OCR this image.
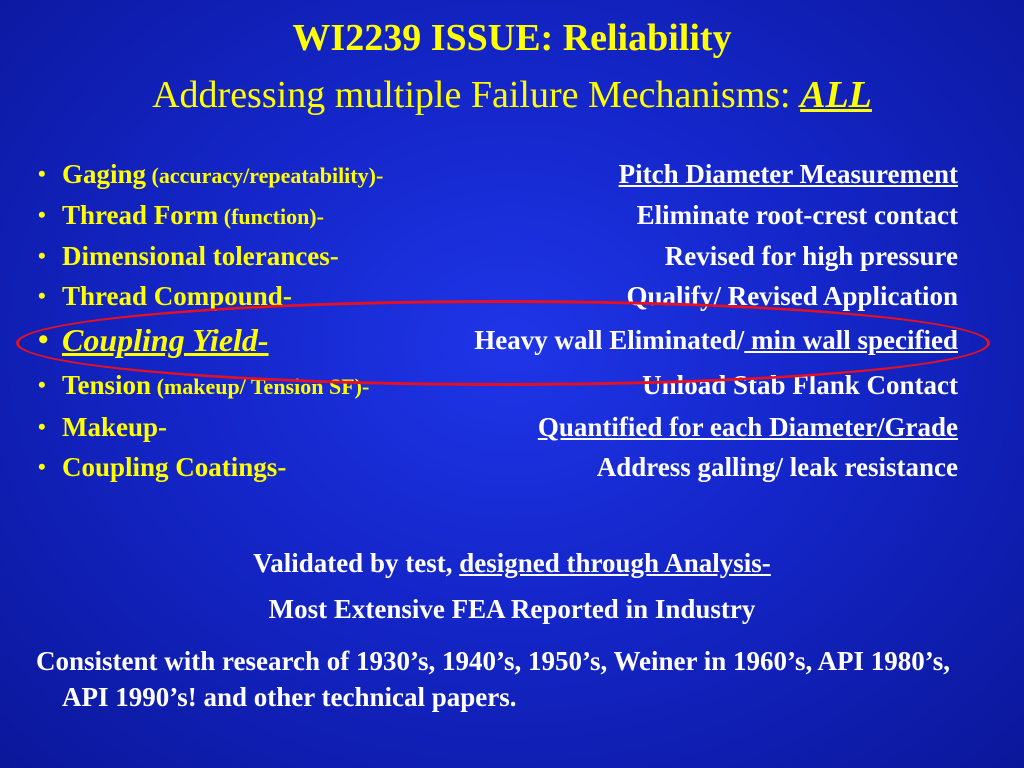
WI2239 ISSUE: Reliability
Addressing multiple Failure Mechanisms: ALL
• Gaging (accuracy/repeatability)-	Pitch Diameter Measurement
• Thread Form (function)-	Eliminate root-crest contact
• Dimensional tolerances-	Revised for high pressure
• Thread Compound-	Qualify/ Revised Application
• Coupling Yield-	Heavy wall Eliminated/ min wall specified
• Tension (makeup/ Tension SF)-	Unload Stab Flank Contact
• Makeup-	Quantified for each Diameter/Grade
• Coupling Coatings-	Address galling/ leak resistance
Validated by test, designed through Analysis-
Most Extensive FEA Reported in Industry
Consistent with research of 1930’s, 1940’s, 1950’s, Weiner in 1960’s, API 1980’s, API 1990’s! and other technical papers.
